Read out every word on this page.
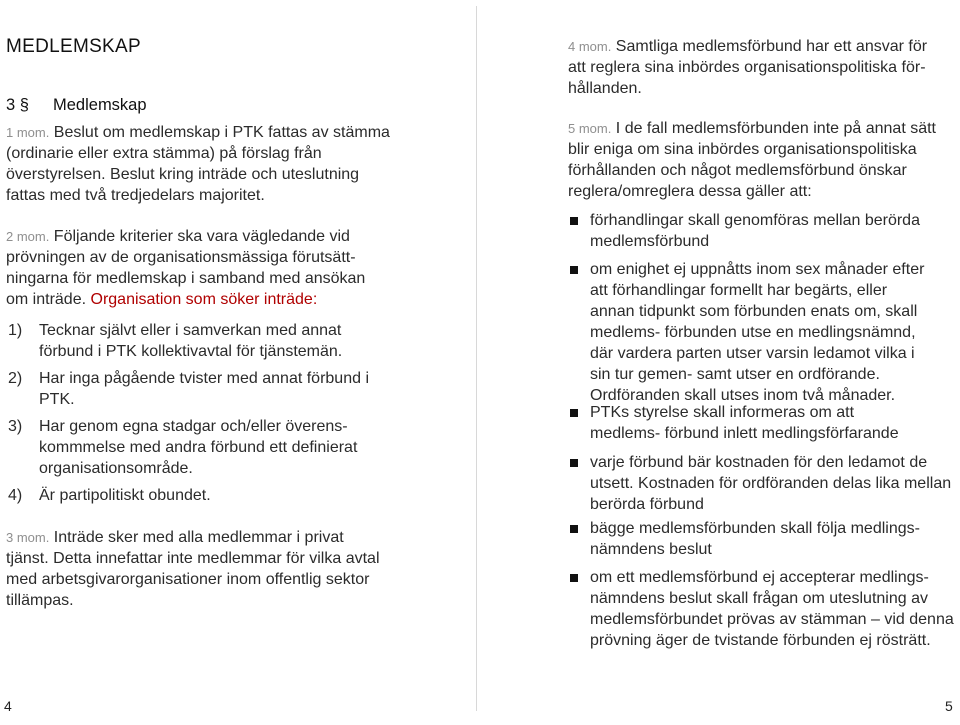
MEDLEMSKAP
3 § Medlemskap
1 mom. Beslut om medlemskap i PTK fattas av stämma (ordinarie eller extra stämma) på förslag från överstyrelsen. Beslut kring inträde och uteslutning fattas med två tredjedelars majoritet.
2 mom. Följande kriterier ska vara vägledande vid prövningen av de organisationsmässiga förutsätt- ningarna för medlemskap i samband med ansökan om inträde. Organisation som söker inträde:
1) Tecknar självt eller i samverkan med annat förbund i PTK kollektivavtal för tjänstemän.
2) Har inga pågående tvister med annat förbund i PTK.
3) Har genom egna stadgar och/eller överens- kommmelse med andra förbund ett definierat organisationsområde.
4) Är partipolitiskt obundet.
3 mom. Inträde sker med alla medlemmar i privat tjänst. Detta innefattar inte medlemmar för vilka avtal med arbetsgivarorganisationer inom offentlig sektor tillämpas.
4 mom. Samtliga medlemsförbund har ett ansvar för att reglera sina inbördes organisationspolitiska för- hållanden.
5 mom. I de fall medlemsförbunden inte på annat sätt blir eniga om sina inbördes organisationspolitiska förhållanden och något medlemsförbund önskar reglera/omreglera dessa gäller att:
förhandlingar skall genomföras mellan berörda medlemsförbund
om enighet ej uppnåtts inom sex månader efter att förhandlingar formellt har begärts, eller annan tidpunkt som förbunden enats om, skall medlems- förbunden utse en medlingsnämnd, där vardera parten utser varsin ledamot vilka i sin tur gemen- samt utser en ordförande. Ordföranden skall utses inom två månader.
PTKs styrelse skall informeras om att medlems- förbund inlett medlingsförfarande
varje förbund bär kostnaden för den ledamot de utsett. Kostnaden för ordföranden delas lika mellan berörda förbund
bägge medlemsförbunden skall följa medlings- nämndens beslut
om ett medlemsförbund ej accepterar medlings- nämndens beslut skall frågan om uteslutning av medlemsförbundet prövas av stämman – vid denna prövning äger de tvistande förbunden ej rösträtt.
4	5
